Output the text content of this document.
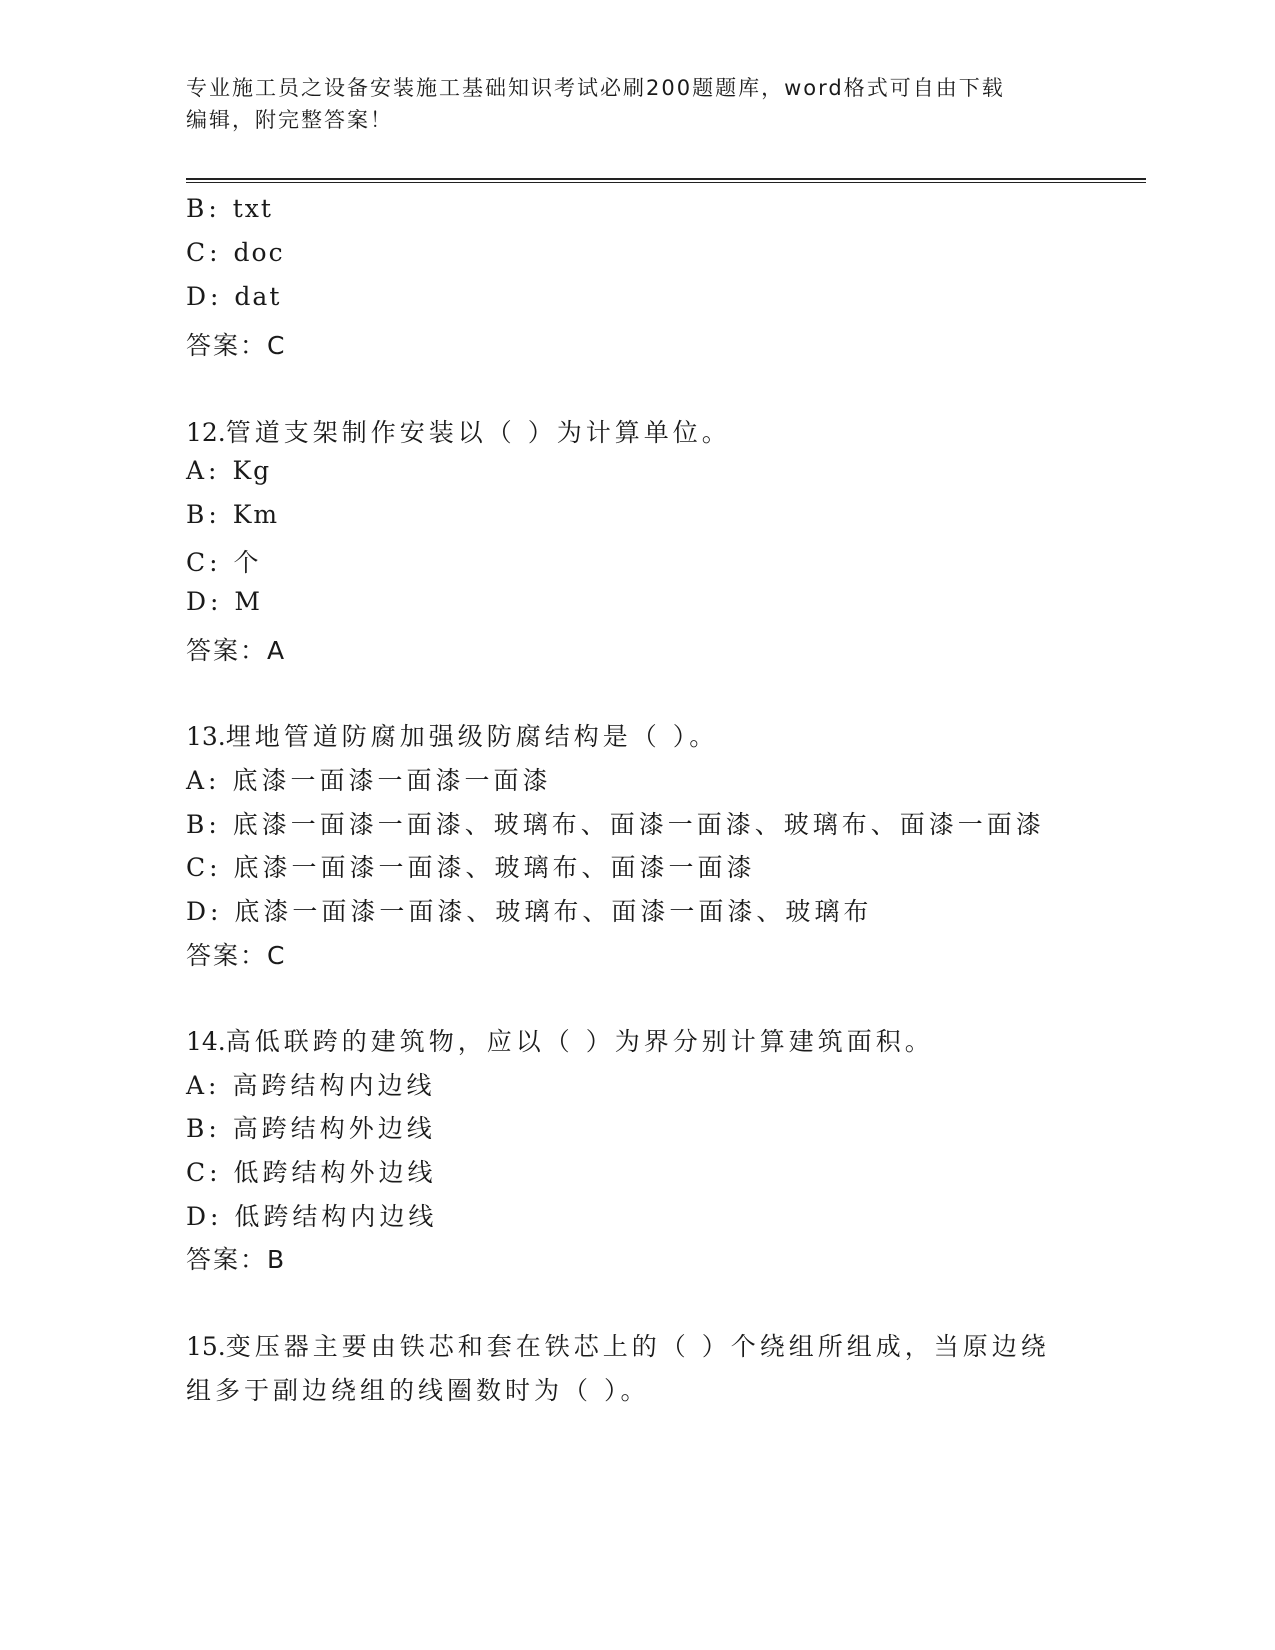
专业施工员之设备安装施工基础知识考试必刷200题题库，word格式可自由下载
编辑，附完整答案！
B: txt
C: doc
D: dat
答案：C
12.管道支架制作安装以（ ）为计算单位。
A: Kg
B: Km
C: 个
D: M
答案：A
13.埋地管道防腐加强级防腐结构是（ ）。
A: 底漆一面漆一面漆一面漆
B: 底漆一面漆一面漆、玻璃布、面漆一面漆、玻璃布、面漆一面漆
C: 底漆一面漆一面漆、玻璃布、面漆一面漆
D: 底漆一面漆一面漆、玻璃布、面漆一面漆、玻璃布
答案：C
14.高低联跨的建筑物，应以（ ）为界分别计算建筑面积。
A: 高跨结构内边线
B: 高跨结构外边线
C: 低跨结构外边线
D: 低跨结构内边线
答案：B
15.变压器主要由铁芯和套在铁芯上的（ ）个绕组所组成，当原边绕
组多于副边绕组的线圈数时为（ ）。
